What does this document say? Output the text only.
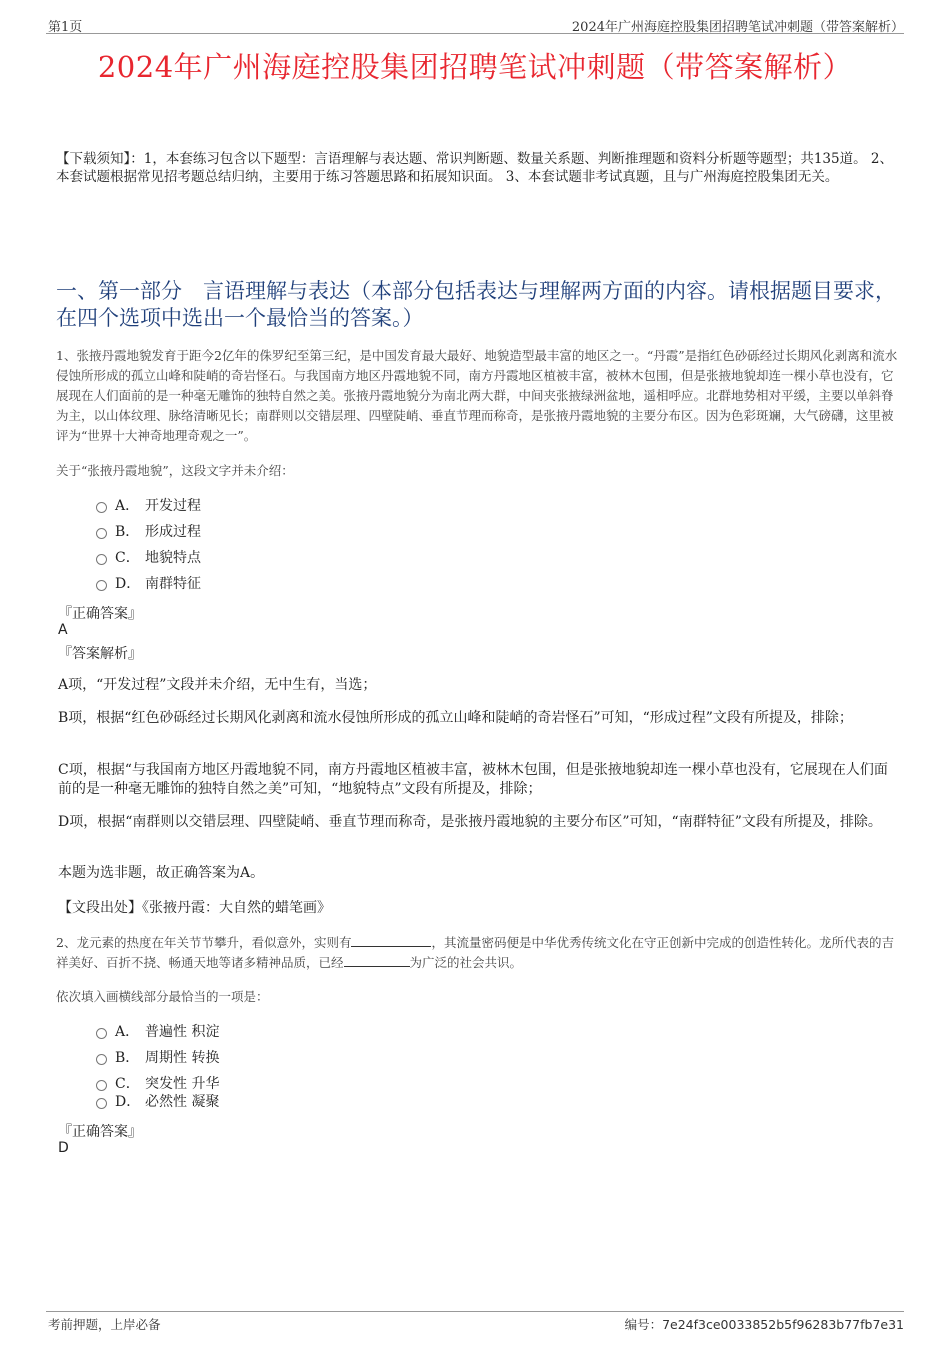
第1页	2024年广州海庭控股集团招聘笔试冲刺题（带答案解析）
2024年广州海庭控股集团招聘笔试冲刺题（带答案解析）
【下载须知】：1，本套练习包含以下题型：言语理解与表达题、常识判断题、数量关系题、判断推理题和资料分析题等题型；共135道。 2、本套试题根据常见招考题总结归纳，主要用于练习答题思路和拓展知识面。 3、本套试题非考试真题，且与广州海庭控股集团无关。
一、第一部分　言语理解与表达（本部分包括表达与理解两方面的内容。请根据题目要求，在四个选项中选出一个最恰当的答案。）
1、张掖丹霞地貌发育于距今2亿年的侏罗纪至第三纪，是中国发育最大最好、地貌造型最丰富的地区之一。“丹霞”是指红色砂砾经过长期风化剥离和流水侵蚀所形成的孤立山峰和陡峭的奇岩怪石。与我国南方地区丹霞地貌不同，南方丹霞地区植被丰富，被林木包围，但是张掖地貌却连一棵小草也没有，它展现在人们面前的是一种毫无雕饰的独特自然之美。张掖丹霞地貌分为南北两大群，中间夹张掖绿洲盆地，遥相呼应。北群地势相对平缓，主要以单斜脊为主，以山体纹理、脉络清晰见长；南群则以交错层理、四壁陡峭、垂直节理而称奇，是张掖丹霞地貌的主要分布区。因为色彩斑斓，大气磅礴，这里被评为“世界十大神奇地理奇观之一”。
关于“张掖丹霞地貌”，这段文字并未介绍：
A． 开发过程
B． 形成过程
C． 地貌特点
D． 南群特征
『正确答案』
A
『答案解析』
A项，“开发过程”文段并未介绍，无中生有，当选；
B项，根据“红色砂砾经过长期风化剥离和流水侵蚀所形成的孤立山峰和陡峭的奇岩怪石”可知，“形成过程”文段有所提及，排除；
C项，根据“与我国南方地区丹霞地貌不同，南方丹霞地区植被丰富，被林木包围，但是张掖地貌却连一棵小草也没有，它展现在人们面前的是一种毫无雕饰的独特自然之美”可知，“地貌特点”文段有所提及，排除；
D项，根据“南群则以交错层理、四壁陡峭、垂直节理而称奇，是张掖丹霞地貌的主要分布区”可知，“南群特征”文段有所提及，排除。
本题为选非题，故正确答案为A。
【文段出处】《张掖丹霞：大自然的蜡笔画》
2、龙元素的热度在年关节节攀升，看似意外，实则有	，其流量密码便是中华优秀传统文化在守正创新中完成的创造性转化。龙所代表的吉祥美好、百折不挠、畅通天地等诸多精神品质，已经	为广泛的社会共识。
依次填入画横线部分最恰当的一项是：
A． 普遍性 积淀
B． 周期性 转换
C． 突发性 升华
D． 必然性 凝聚
『正确答案』
D
考前押题，上岸必备	编号：7e24f3ce0033852b5f96283b77fb7e31
